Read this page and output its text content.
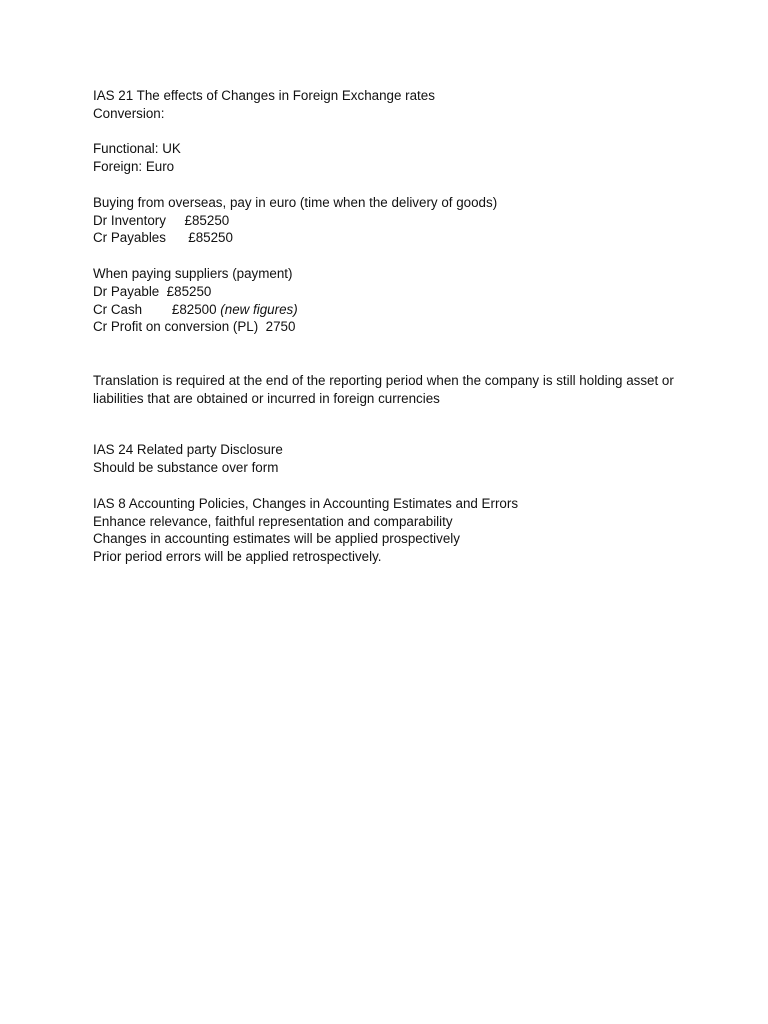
IAS 21 The effects of Changes in Foreign Exchange rates
Conversion:
Functional: UK
Foreign: Euro
Buying from overseas, pay in euro (time when the delivery of goods)
Dr Inventory     £85250
Cr Payables      £85250
When paying suppliers (payment)
Dr Payable  £85250
Cr Cash        £82500 (new figures)
Cr Profit on conversion (PL)  2750
Translation is required at the end of the reporting period when the company is still holding asset or liabilities that are obtained or incurred in foreign currencies
IAS 24 Related party Disclosure
Should be substance over form
IAS 8 Accounting Policies, Changes in Accounting Estimates and Errors
Enhance relevance, faithful representation and comparability
Changes in accounting estimates will be applied prospectively
Prior period errors will be applied retrospectively.
